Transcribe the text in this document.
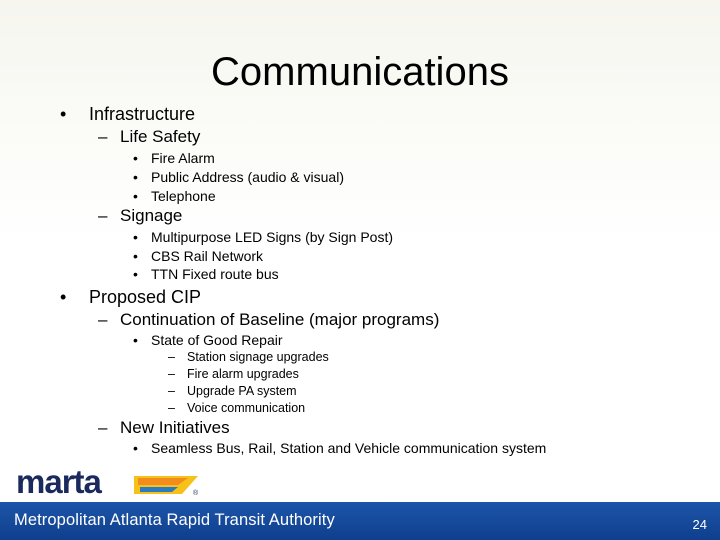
Communications
• Infrastructure
– Life Safety
• Fire Alarm
• Public Address (audio & visual)
• Telephone
– Signage
• Multipurpose LED Signs (by Sign Post)
• CBS Rail Network
• TTN Fixed route bus
• Proposed CIP
– Continuation of Baseline (major programs)
• State of Good Repair
– Station signage upgrades
– Fire alarm upgrades
– Upgrade PA system
– Voice communication
– New Initiatives
• Seamless Bus, Rail, Station and Vehicle communication system
marta	®
Metropolitan Atlanta Rapid Transit Authority	24
